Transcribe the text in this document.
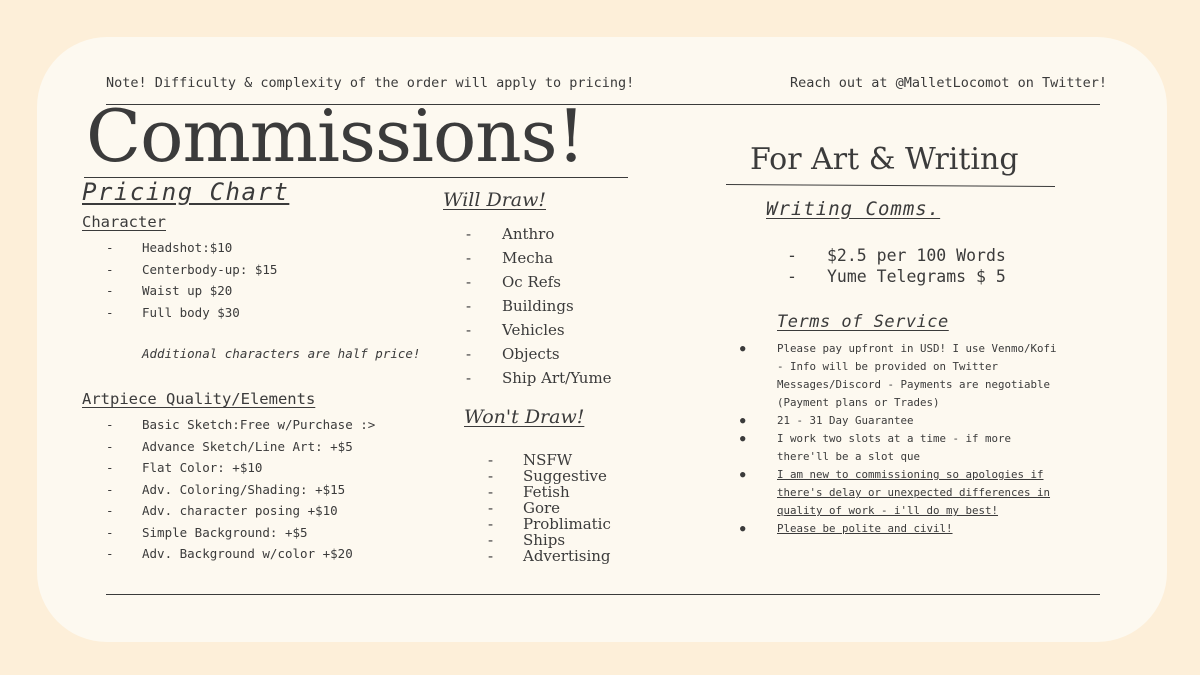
Note! Difficulty & complexity of the order will apply to pricing!	Reach out at @MalletLocomot on Twitter!
Commissions!	For Art & Writing
Pricing Chart
Character
- Headshot:$10
- Centerbody-up: $15
- Waist up $20
- Full body $30
Additional characters are half price!
Artpiece Quality/Elements
- Basic Sketch:Free w/Purchase :>
- Advance Sketch/Line Art: +$5
- Flat Color: +$10
- Adv. Coloring/Shading: +$15
- Adv. character posing +$10
- Simple Background: +$5
- Adv. Background w/color +$20
Will Draw!
- Anthro
- Mecha
- Oc Refs
- Buildings
- Vehicles
- Objects
- Ship Art/Yume
Won't Draw!
- NSFW
- Suggestive
- Fetish
- Gore
- Problimatic
- Ships
- Advertising
Writing Comms.
- $2.5 per 100 Words
- Yume Telegrams $ 5
Terms of Service
●	Please pay upfront in USD! I use Venmo/Kofi - Info will be provided on Twitter Messages/Discord - Payments are negotiable (Payment plans or Trades)
●	21 - 31 Day Guarantee
●	I work two slots at a time - if more there'll be a slot que
●	I am new to commissioning so apologies if there's delay or unexpected differences in quality of work - i'll do my best!
●	Please be polite and civil!
